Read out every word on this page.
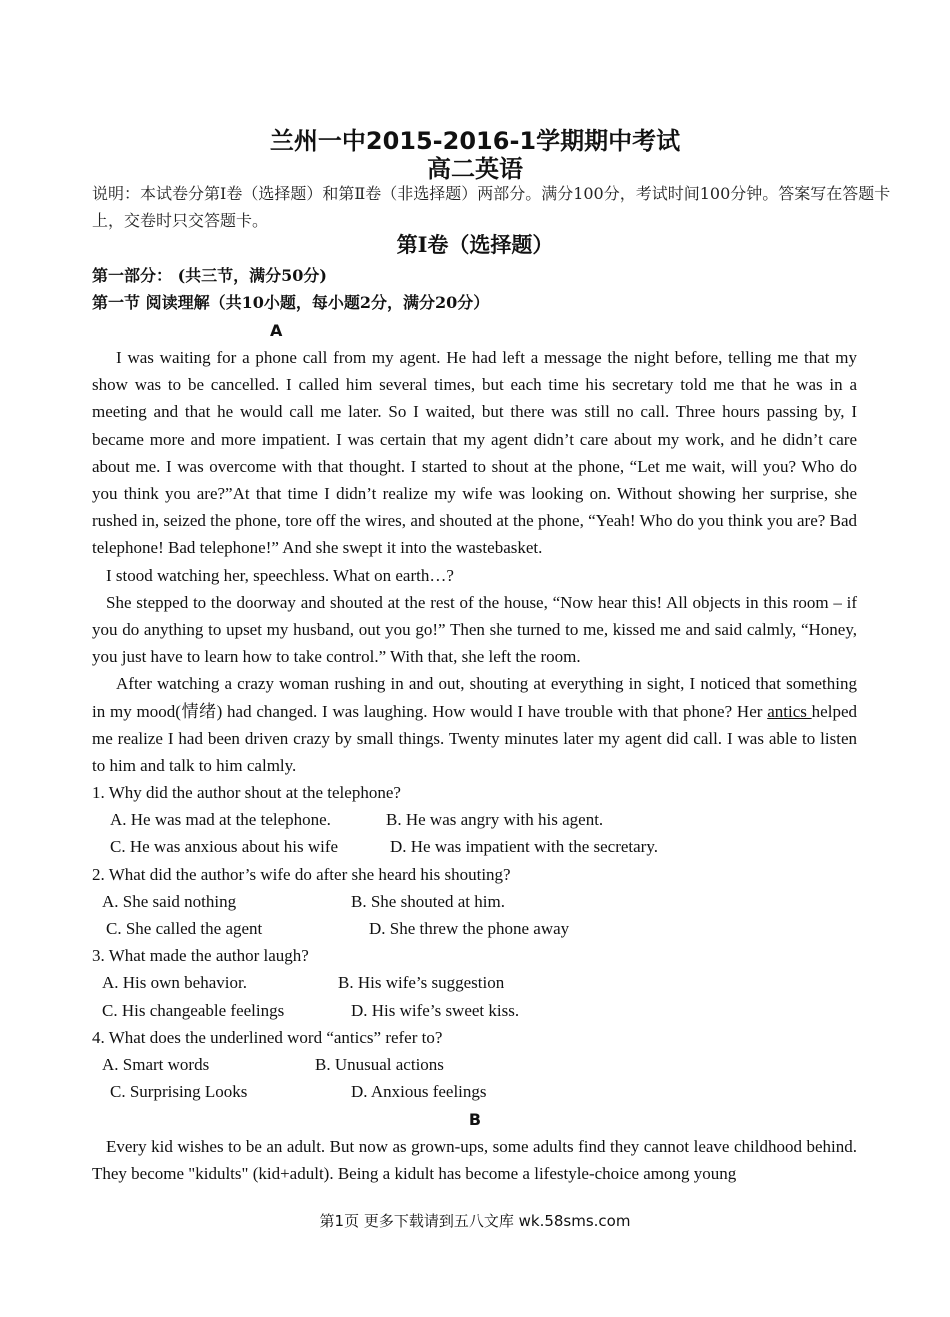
兰州一中2015-2016-1学期期中考试
高二英语
说明：本试卷分第Ⅰ卷（选择题）和第Ⅱ卷（非选择题）两部分。满分100分，考试时间100分钟。答案写在答题卡上，交卷时只交答题卡。
第Ⅰ卷（选择题）
第一部分： (共三节，满分50分)
第一节 阅读理解（共10小题，每小题2分，满分20分）
A

I was waiting for a phone call from my agent. He had left a message the night before, telling me that my show was to be cancelled. I called him several times, but each time his secretary told me that he was in a meeting and that he would call me later. So I waited, but there was still no call. Three hours passing by, I became more and more impatient. I was certain that my agent didn’t care about my work, and he didn’t care about me. I was overcome with that thought. I started to shout at the phone, “Let me wait, will you? Who do you think you are?”At that time I didn’t realize my wife was looking on. Without showing her surprise, she rushed in, seized the phone, tore off the wires, and shouted at the phone, “Yeah! Who do you think you are? Bad telephone! Bad telephone!” And she swept it into the wastebasket.

I stood watching her, speechless. What on earth…?

She stepped to the doorway and shouted at the rest of the house, “Now hear this! All objects in this room – if you do anything to upset my husband, out you go!” Then she turned to me, kissed me and said calmly, “Honey, you just have to learn how to take control.” With that, she left the room.

After watching a crazy woman rushing in and out, shouting at everything in sight, I noticed that something in my mood(情绪) had changed. I was laughing. How would I have trouble with that phone? Her antics helped me realize I had been driven crazy by small things. Twenty minutes later my agent did call. I was able to listen to him and talk to him calmly.

1. Why did the author shout at the telephone?
A. He was mad at the telephone.	B. He was angry with his agent.
C. He was anxious about his wife	D. He was impatient with the secretary.
2. What did the author’s wife do after she heard his shouting?
A. She said nothing	B. She shouted at him.
C. She called the agent	D. She threw the phone away
3. What made the author laugh?
A. His own behavior.	B. His wife’s suggestion
C. His changeable feelings	D. His wife’s sweet kiss.
4. What does the underlined word “antics” refer to?
A. Smart words	B. Unusual actions
C. Surprising Looks	D. Anxious feelings
B

Every kid wishes to be an adult. But now as grown-ups, some adults find they cannot leave childhood behind. They become "kidults" (kid+adult). Being a kidult has become a lifestyle-choice among young

第1页 更多下载请到五八文库 wk.58sms.com
